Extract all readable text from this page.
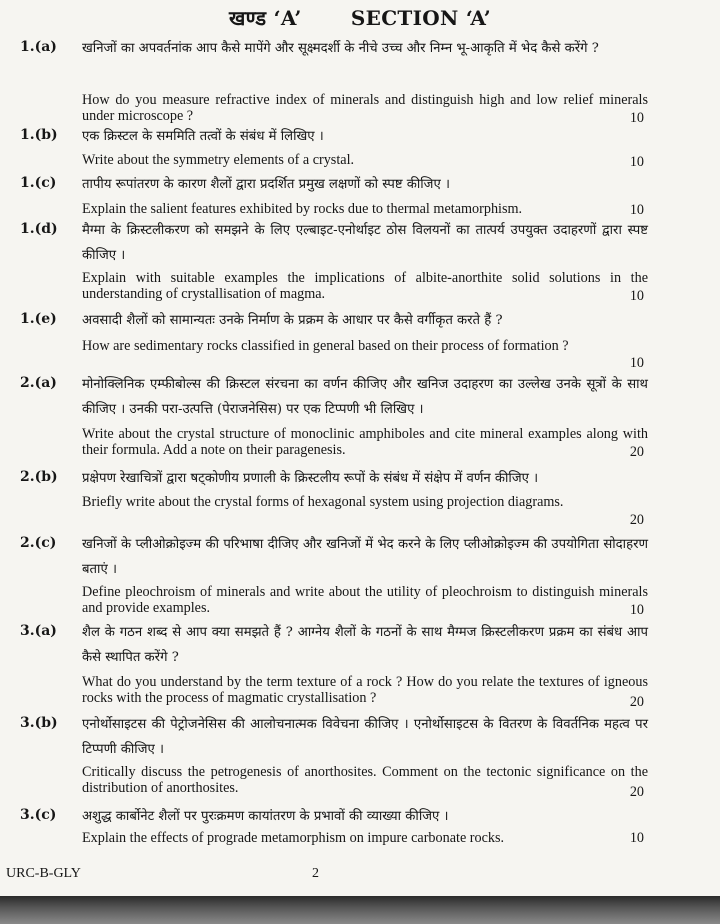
खण्ड ‘A’ SECTION ‘A’
1.(a) खनिजों का अपवर्तनांक आप कैसे मापेंगे और सूक्ष्मदर्शी के नीचे उच्च और निम्न भू-आकृति में भेद कैसे करेंगे ?
How do you measure refractive index of minerals and distinguish high and low relief minerals under microscope ?	10
1.(b) एक क्रिस्टल के सममिति तत्वों के संबंध में लिखिए ।
Write about the symmetry elements of a crystal.	10
1.(c) तापीय रूपांतरण के कारण शैलों द्वारा प्रदर्शित प्रमुख लक्षणों को स्पष्ट कीजिए ।
Explain the salient features exhibited by rocks due to thermal metamorphism.	10
1.(d) मैग्मा के क्रिस्टलीकरण को समझने के लिए एल्बाइट-एनोर्थाइट ठोस विलयनों का तात्पर्य उपयुक्त उदाहरणों द्वारा स्पष्ट कीजिए ।
Explain with suitable examples the implications of albite-anorthite solid solutions in the understanding of crystallisation of magma.	10
1.(e) अवसादी शैलों को सामान्यतः उनके निर्माण के प्रक्रम के आधार पर कैसे वर्गीकृत करते हैं ?
How are sedimentary rocks classified in general based on their process of formation ?
10
2.(a) मोनोक्लिनिक एम्फीबोल्स की क्रिस्टल संरचना का वर्णन कीजिए और खनिज उदाहरण का उल्लेख उनके सूत्रों के साथ कीजिए । उनकी परा-उत्पत्ति (पेराजनेसिस) पर एक टिप्पणी भी लिखिए ।
Write about the crystal structure of monoclinic amphiboles and cite mineral examples along with their formula. Add a note on their paragenesis.	20
2.(b) प्रक्षेपण रेखाचित्रों द्वारा षट्कोणीय प्रणाली के क्रिस्टलीय रूपों के संबंध में संक्षेप में वर्णन कीजिए ।
Briefly write about the crystal forms of hexagonal system using projection diagrams.
20
2.(c) खनिजों के प्लीओक्रोइज्म की परिभाषा दीजिए और खनिजों में भेद करने के लिए प्लीओक्रोइज्म की उपयोगिता सोदाहरण बताएं ।
Define pleochroism of minerals and write about the utility of pleochroism to distinguish minerals and provide examples.	10
3.(a) शैल के गठन शब्द से आप क्या समझते हैं ? आग्नेय शैलों के गठनों के साथ मैग्मज क्रिस्टलीकरण प्रक्रम का संबंध आप कैसे स्थापित करेंगे ?
What do you understand by the term texture of a rock ? How do you relate the textures of igneous rocks with the process of magmatic crystallisation ?	20
3.(b) एनोर्थोसाइटस की पेट्रोजनेसिस की आलोचनात्मक विवेचना कीजिए । एनोर्थोसाइटस के वितरण के विवर्तनिक महत्व पर टिप्पणी कीजिए ।
Critically discuss the petrogenesis of anorthosites. Comment on the tectonic significance on the distribution of anorthosites.	20
3.(c) अशुद्ध कार्बोनेट शैलों पर पुरःक्रमण कायांतरण के प्रभावों की व्याख्या कीजिए ।
Explain the effects of prograde metamorphism on impure carbonate rocks.	10
URC-B-GLY	2
